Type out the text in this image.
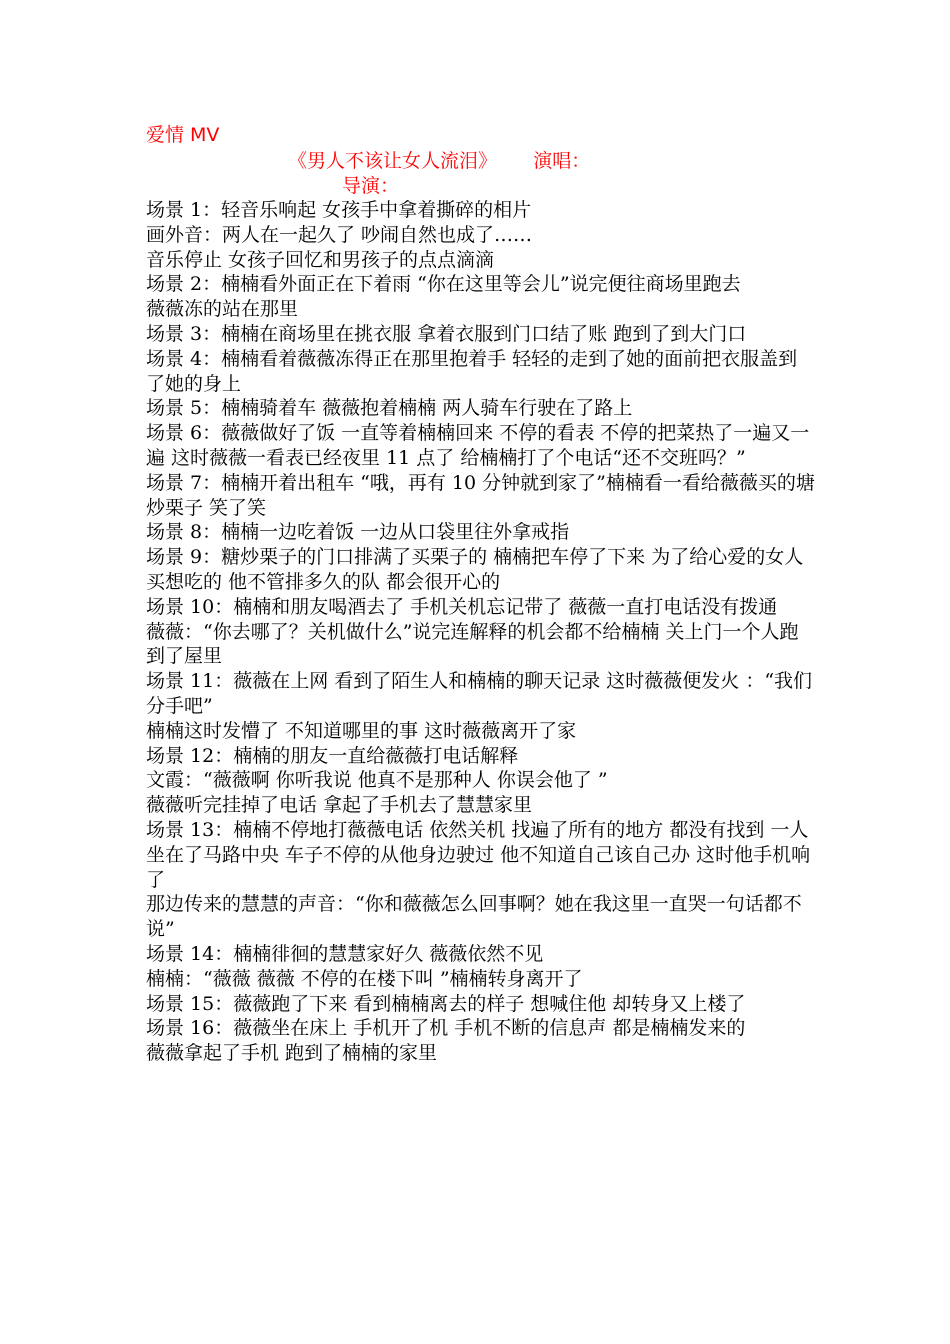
爱情 MV
《男人不该让女人流泪》 演唱：
导演：

场景 1：轻音乐响起 女孩手中拿着撕碎的相片

画外音：两人在一起久了 吵闹自然也成了……

音乐停止 女孩子回忆和男孩子的点点滴滴

场景 2：楠楠看外面正在下着雨 “你在这里等会儿”说完便往商场里跑去

薇薇冻的站在那里

场景 3：楠楠在商场里在挑衣服 拿着衣服到门口结了账 跑到了到大门口

场景 4：楠楠看着薇薇冻得正在那里抱着手 轻轻的走到了她的面前把衣服盖到了她的身上

场景 5：楠楠骑着车 薇薇抱着楠楠 两人骑车行驶在了路上

场景 6：薇薇做好了饭 一直等着楠楠回来 不停的看表 不停的把菜热了一遍又一遍 这时薇薇一看表已经夜里 11 点了 给楠楠打了个电话“还不交班吗？”

场景 7：楠楠开着出租车 “哦，再有 10 分钟就到家了”楠楠看一看给薇薇买的塘炒栗子 笑了笑

场景 8：楠楠一边吃着饭 一边从口袋里往外拿戒指

场景 9：糖炒栗子的门口排满了买栗子的 楠楠把车停了下来 为了给心爱的女人买想吃的 他不管排多久的队 都会很开心的

场景 10：楠楠和朋友喝酒去了 手机关机忘记带了 薇薇一直打电话没有拨通

薇薇：“你去哪了？关机做什么”说完连解释的机会都不给楠楠 关上门一个人跑到了屋里

场景 11：薇薇在上网 看到了陌生人和楠楠的聊天记录 这时薇薇便发火 ：“我们分手吧”

楠楠这时发懵了 不知道哪里的事 这时薇薇离开了家

场景 12：楠楠的朋友一直给薇薇打电话解释

文霞：“薇薇啊 你听我说 他真不是那种人 你误会他了 ”

薇薇听完挂掉了电话 拿起了手机去了慧慧家里

场景 13：楠楠不停地打薇薇电话 依然关机 找遍了所有的地方 都没有找到 一人坐在了马路中央 车子不停的从他身边驶过 他不知道自己该自己办 这时他手机响了

那边传来的慧慧的声音：“你和薇薇怎么回事啊？她在我这里一直哭一句话都不说”

场景 14：楠楠徘徊的慧慧家好久 薇薇依然不见

楠楠：“薇薇 薇薇 不停的在楼下叫 ”楠楠转身离开了

场景 15：薇薇跑了下来 看到楠楠离去的样子 想喊住他 却转身又上楼了

场景 16：薇薇坐在床上 手机开了机 手机不断的信息声 都是楠楠发来的

薇薇拿起了手机 跑到了楠楠的家里
